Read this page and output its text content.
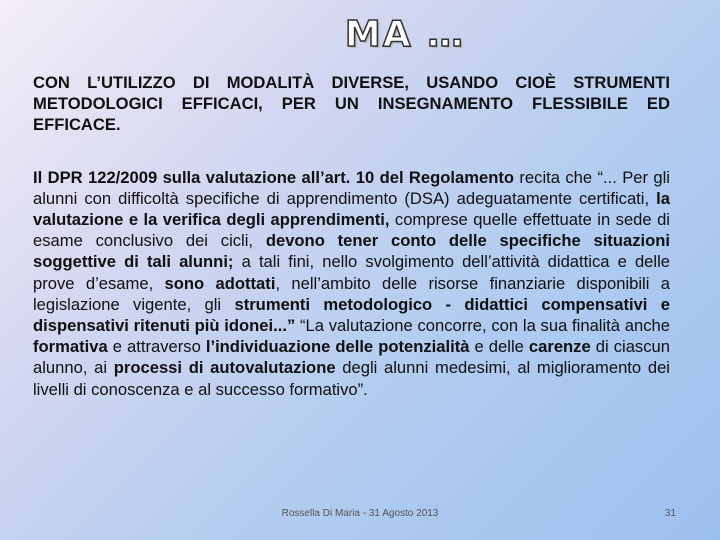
MA …

CON L’UTILIZZO DI MODALITÀ DIVERSE, USANDO CIOÈ STRUMENTI METODOLOGICI EFFICACI, PER UN INSEGNAMENTO FLESSIBILE ED EFFICACE.

Il DPR 122/2009 sulla valutazione all’art. 10 del Regolamento recita che “... Per gli alunni con difficoltà specifiche di apprendimento (DSA) adeguatamente certificati, la valutazione e la verifica degli apprendimenti, comprese quelle effettuate in sede di esame conclusivo dei cicli, devono tener conto delle specifiche situazioni soggettive di tali alunni; a tali fini, nello svolgimento dell’attività didattica e delle prove d’esame, sono adottati, nell’ambito delle risorse finanziarie disponibili a legislazione vigente, gli strumenti metodologico - didattici compensativi e dispensativi ritenuti più idonei...” “La valutazione concorre, con la sua finalità anche formativa e attraverso l’individuazione delle potenzialità e delle carenze di ciascun alunno, ai processi di autovalutazione degli alunni medesimi, al miglioramento dei livelli di conoscenza e al successo formativo”.

Rossella Di Maria - 31 Agosto 2013	31
